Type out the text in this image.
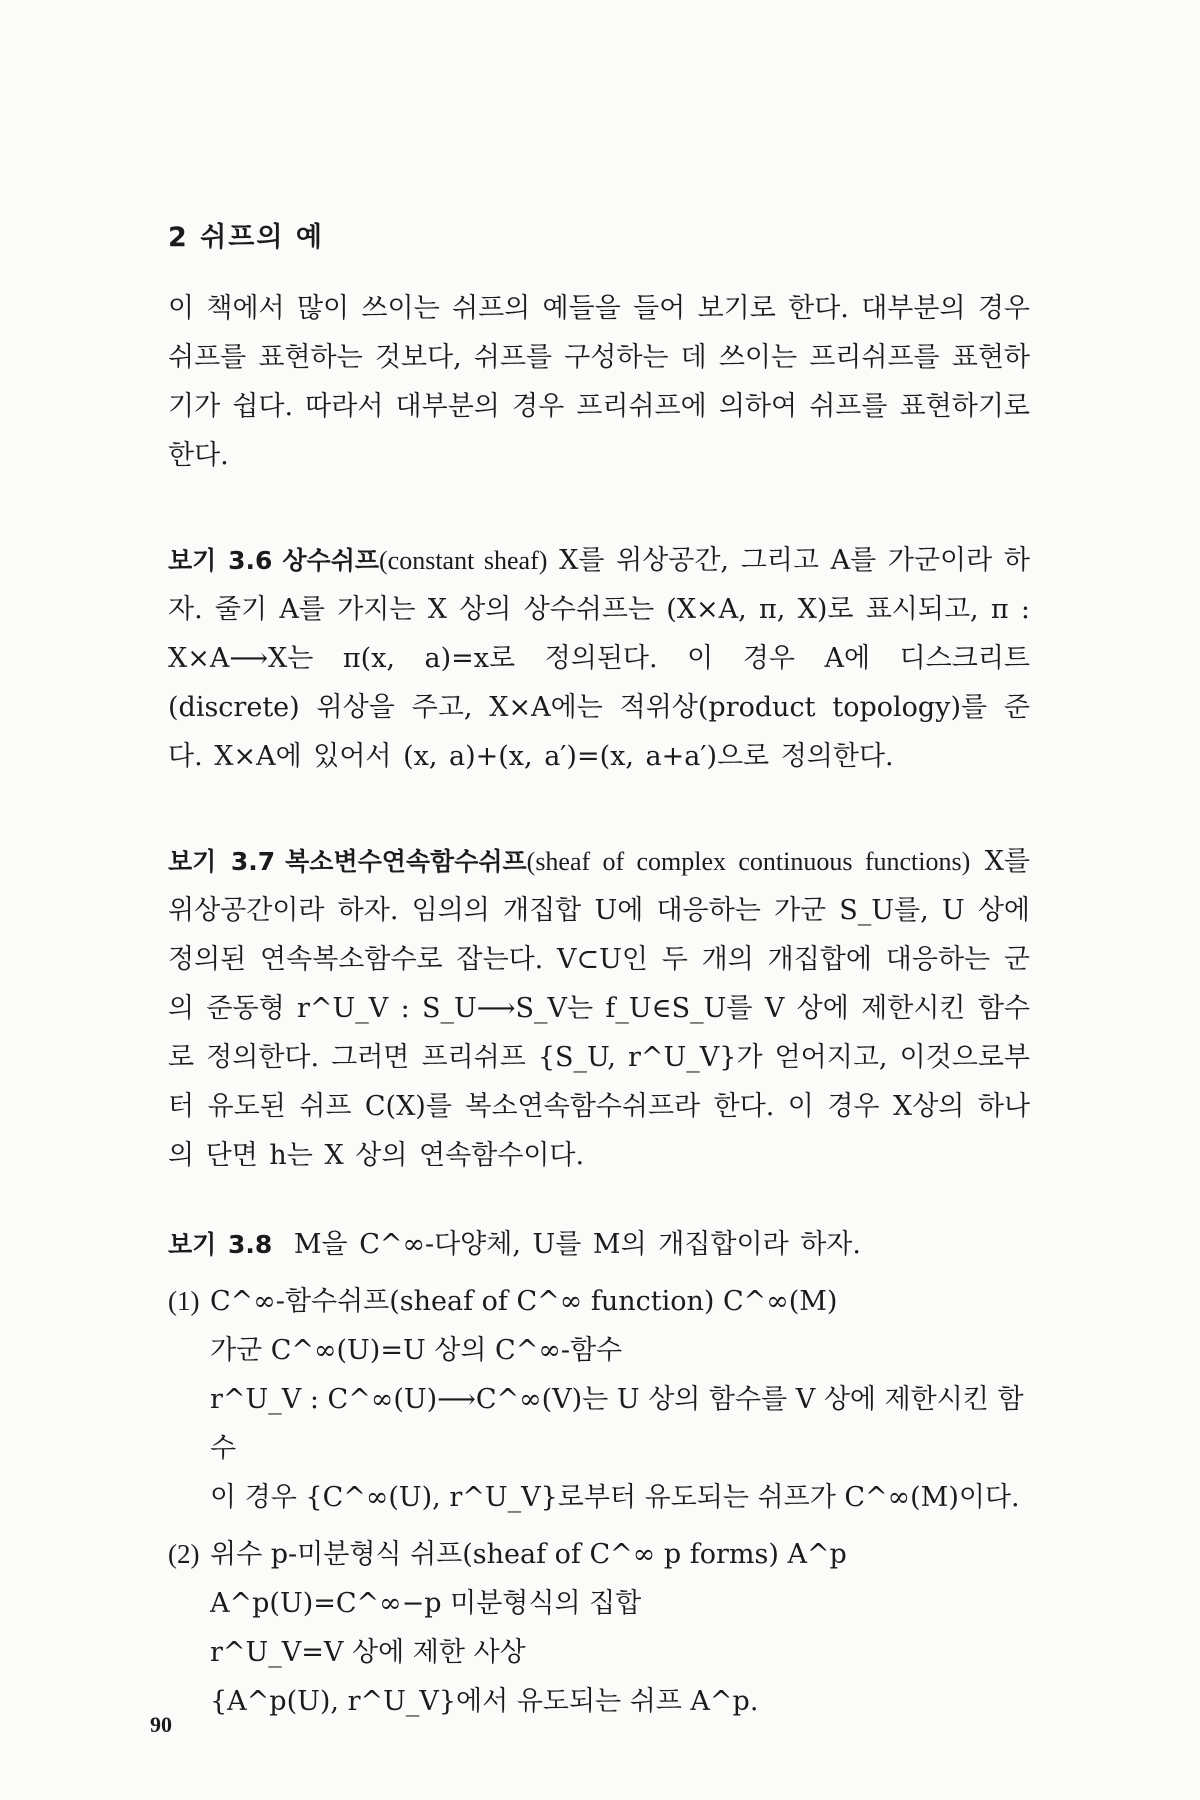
2 쉬프의 예

이 책에서 많이 쓰이는 쉬프의 예들을 들어 보기로 한다. 대부분의 경우 쉬프를 표현하는 것보다, 쉬프를 구성하는 데 쓰이는 프리쉬프를 표현하기가 쉽다. 따라서 대부분의 경우 프리쉬프에 의하여 쉬프를 표현하기로 한다.

보기 3.6 상수쉬프(constant sheaf) X를 위상공간, 그리고 A를 가군이라 하자. 줄기 A를 가지는 X 상의 상수쉬프는 (X×A, π, X)로 표시되고, π : X×A⟶X는 π(x, a)=x로 정의된다. 이 경우 A에 디스크리트(discrete) 위상을 주고, X×A에는 적위상(product topology)를 준다. X×A에 있어서 (x, a)+(x, a′)=(x, a+a′)으로 정의한다.

보기 3.7 복소변수연속함수쉬프(sheaf of complex continuous functions) X를 위상공간이라 하자. 임의의 개집합 U에 대응하는 가군 S_U를, U 상에 정의된 연속복소함수로 잡는다. V⊂U인 두 개의 개집합에 대응하는 군의 준동형 r^U_V : S_U⟶S_V는 f_U∈S_U를 V 상에 제한시킨 함수로 정의한다. 그러면 프리쉬프 {S_U, r^U_V}가 얻어지고, 이것으로부터 유도된 쉬프 C(X)를 복소연속함수쉬프라 한다. 이 경우 X상의 하나의 단면 h는 X 상의 연속함수이다.

보기 3.8 M을 C^∞-다양체, U를 M의 개집합이라 하자.

(1) C^∞-함수쉬프(sheaf of C^∞ function) C^∞(M)
가군 C^∞(U)=U 상의 C^∞-함수
r^U_V : C^∞(U)⟶C^∞(V)는 U 상의 함수를 V 상에 제한시킨 함수
이 경우 {C^∞(U), r^U_V}로부터 유도되는 쉬프가 C^∞(M)이다.
(2) 위수 p-미분형식 쉬프(sheaf of C^∞ p forms) A^p
A^p(U)=C^∞−p 미분형식의 집합
r^U_V=V 상에 제한 사상
{A^p(U), r^U_V}에서 유도되는 쉬프 A^p.
90
